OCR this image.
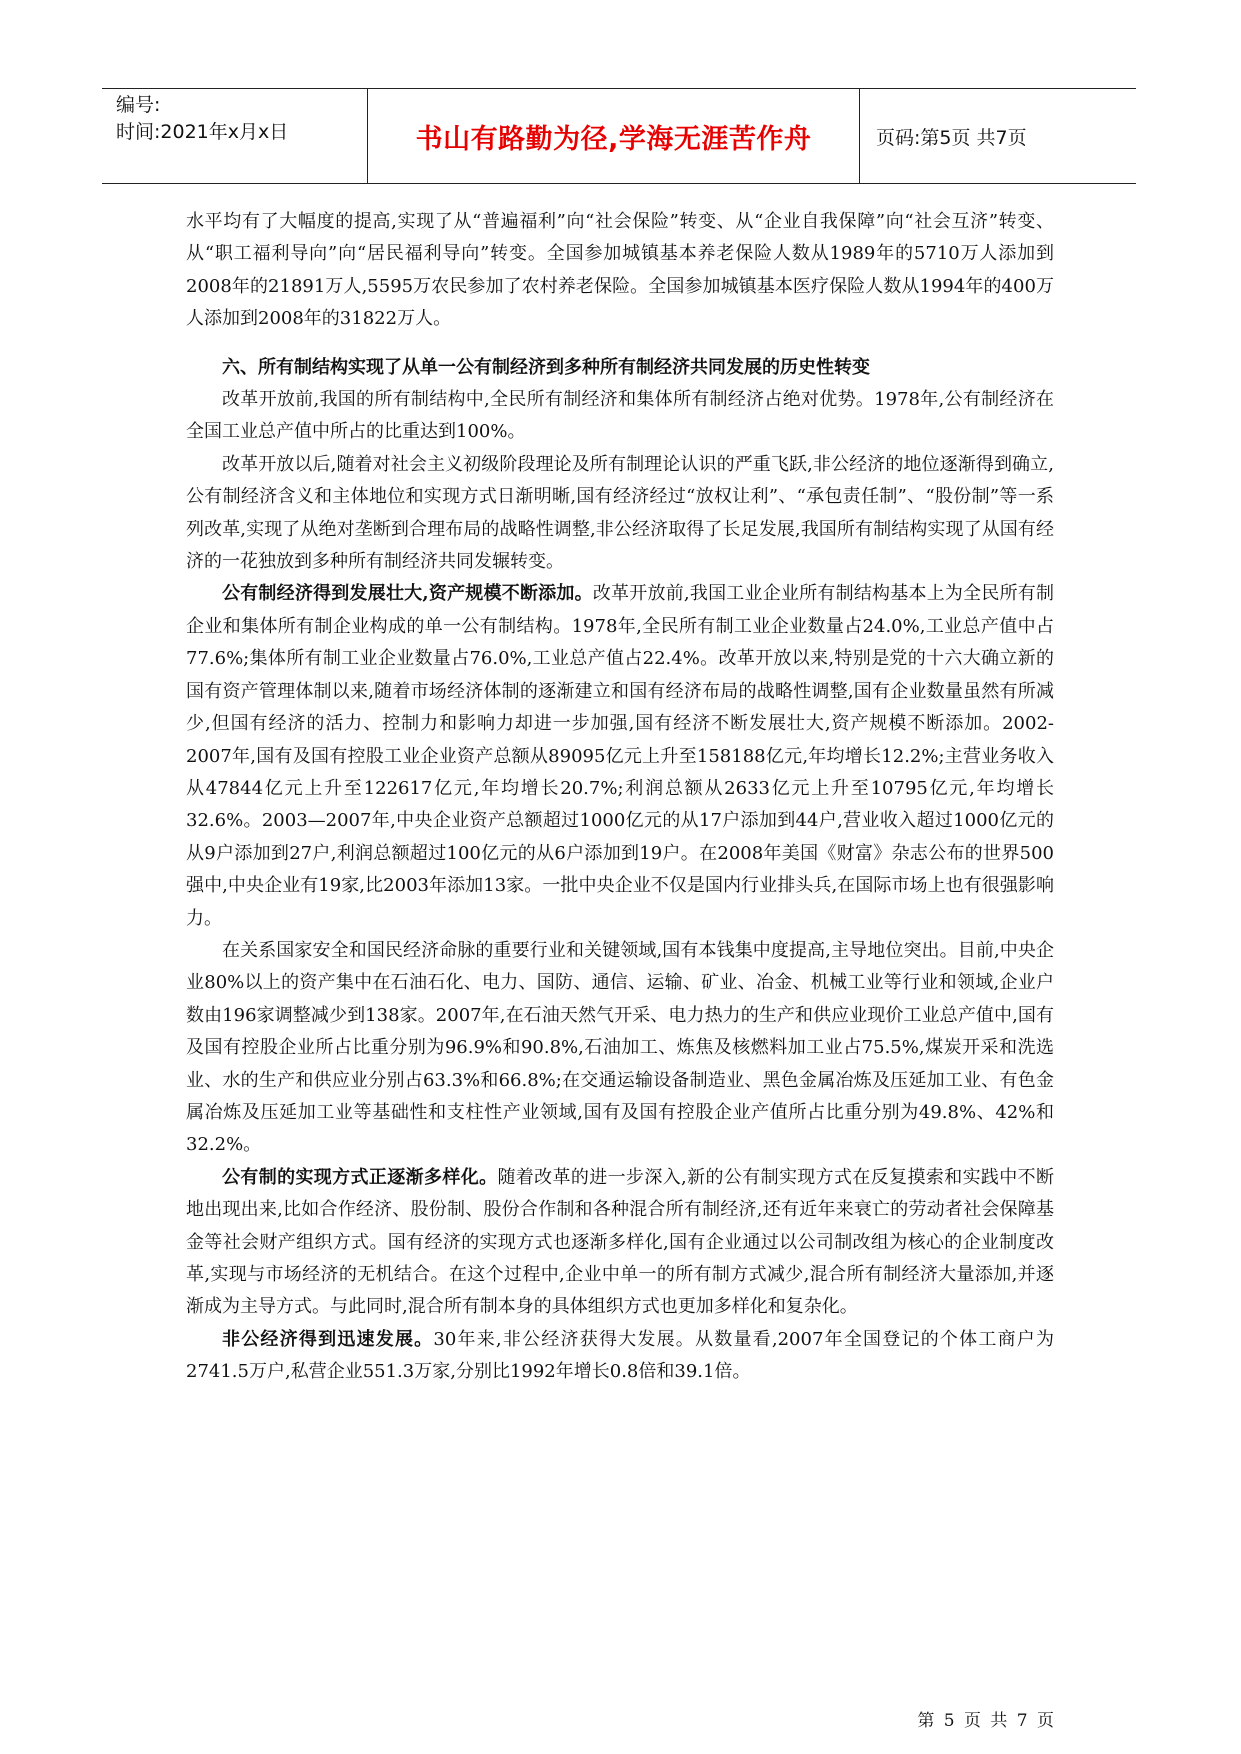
编号:
时间:2021年x月x日	书山有路勤为径,学海无涯苦作舟	页码:第5页 共7页

水平均有了大幅度的提高,实现了从“普遍福利”向“社会保险”转变、从“企业自我保障”向“社会互济”转变、从“职工福利导向”向“居民福利导向”转变。全国参加城镇基本养老保险人数从1989年的5710万人添加到2008年的21891万人,5595万农民参加了农村养老保险。全国参加城镇基本医疗保险人数从1994年的400万人添加到2008年的31822万人。

六、所有制结构实现了从单一公有制经济到多种所有制经济共同发展的历史性转变

改革开放前,我国的所有制结构中,全民所有制经济和集体所有制经济占绝对优势。1978年,公有制经济在全国工业总产值中所占的比重达到100%。

改革开放以后,随着对社会主义初级阶段理论及所有制理论认识的严重飞跃,非公经济的地位逐渐得到确立,公有制经济含义和主体地位和实现方式日渐明晰,国有经济经过“放权让利”、“承包责任制”、“股份制”等一系列改革,实现了从绝对垄断到合理布局的战略性调整,非公经济取得了长足发展,我国所有制结构实现了从国有经济的一花独放到多种所有制经济共同发辗转变。

公有制经济得到发展壮大,资产规模不断添加。改革开放前,我国工业企业所有制结构基本上为全民所有制企业和集体所有制企业构成的单一公有制结构。1978年,全民所有制工业企业数量占24.0%,工业总产值中占77.6%;集体所有制工业企业数量占76.0%,工业总产值占22.4%。改革开放以来,特别是党的十六大确立新的国有资产管理体制以来,随着市场经济体制的逐渐建立和国有经济布局的战略性调整,国有企业数量虽然有所减少,但国有经济的活力、控制力和影响力却进一步加强,国有经济不断发展壮大,资产规模不断添加。2002-2007年,国有及国有控股工业企业资产总额从89095亿元上升至158188亿元,年均增长12.2%;主营业务收入从47844亿元上升至122617亿元,年均增长20.7%;利润总额从2633亿元上升至10795亿元,年均增长32.6%。2003—2007年,中央企业资产总额超过1000亿元的从17户添加到44户,营业收入超过1000亿元的从9户添加到27户,利润总额超过100亿元的从6户添加到19户。在2008年美国《财富》杂志公布的世界500强中,中央企业有19家,比2003年添加13家。一批中央企业不仅是国内行业排头兵,在国际市场上也有很强影响力。

在关系国家安全和国民经济命脉的重要行业和关键领域,国有本钱集中度提高,主导地位突出。目前,中央企业80%以上的资产集中在石油石化、电力、国防、通信、运输、矿业、冶金、机械工业等行业和领域,企业户数由196家调整减少到138家。2007年,在石油天然气开采、电力热力的生产和供应业现价工业总产值中,国有及国有控股企业所占比重分别为96.9%和90.8%,石油加工、炼焦及核燃料加工业占75.5%,煤炭开采和洗选业、水的生产和供应业分别占63.3%和66.8%;在交通运输设备制造业、黑色金属冶炼及压延加工业、有色金属冶炼及压延加工业等基础性和支柱性产业领域,国有及国有控股企业产值所占比重分别为49.8%、42%和32.2%。

公有制的实现方式正逐渐多样化。随着改革的进一步深入,新的公有制实现方式在反复摸索和实践中不断地出现出来,比如合作经济、股份制、股份合作制和各种混合所有制经济,还有近年来衰亡的劳动者社会保障基金等社会财产组织方式。国有经济的实现方式也逐渐多样化,国有企业通过以公司制改组为核心的企业制度改革,实现与市场经济的无机结合。在这个过程中,企业中单一的所有制方式减少,混合所有制经济大量添加,并逐渐成为主导方式。与此同时,混合所有制本身的具体组织方式也更加多样化和复杂化。

非公经济得到迅速发展。30年来,非公经济获得大发展。从数量看,2007年全国登记的个体工商户为2741.5万户,私营企业551.3万家,分别比1992年增长0.8倍和39.1倍。

第 5 页 共 7 页
